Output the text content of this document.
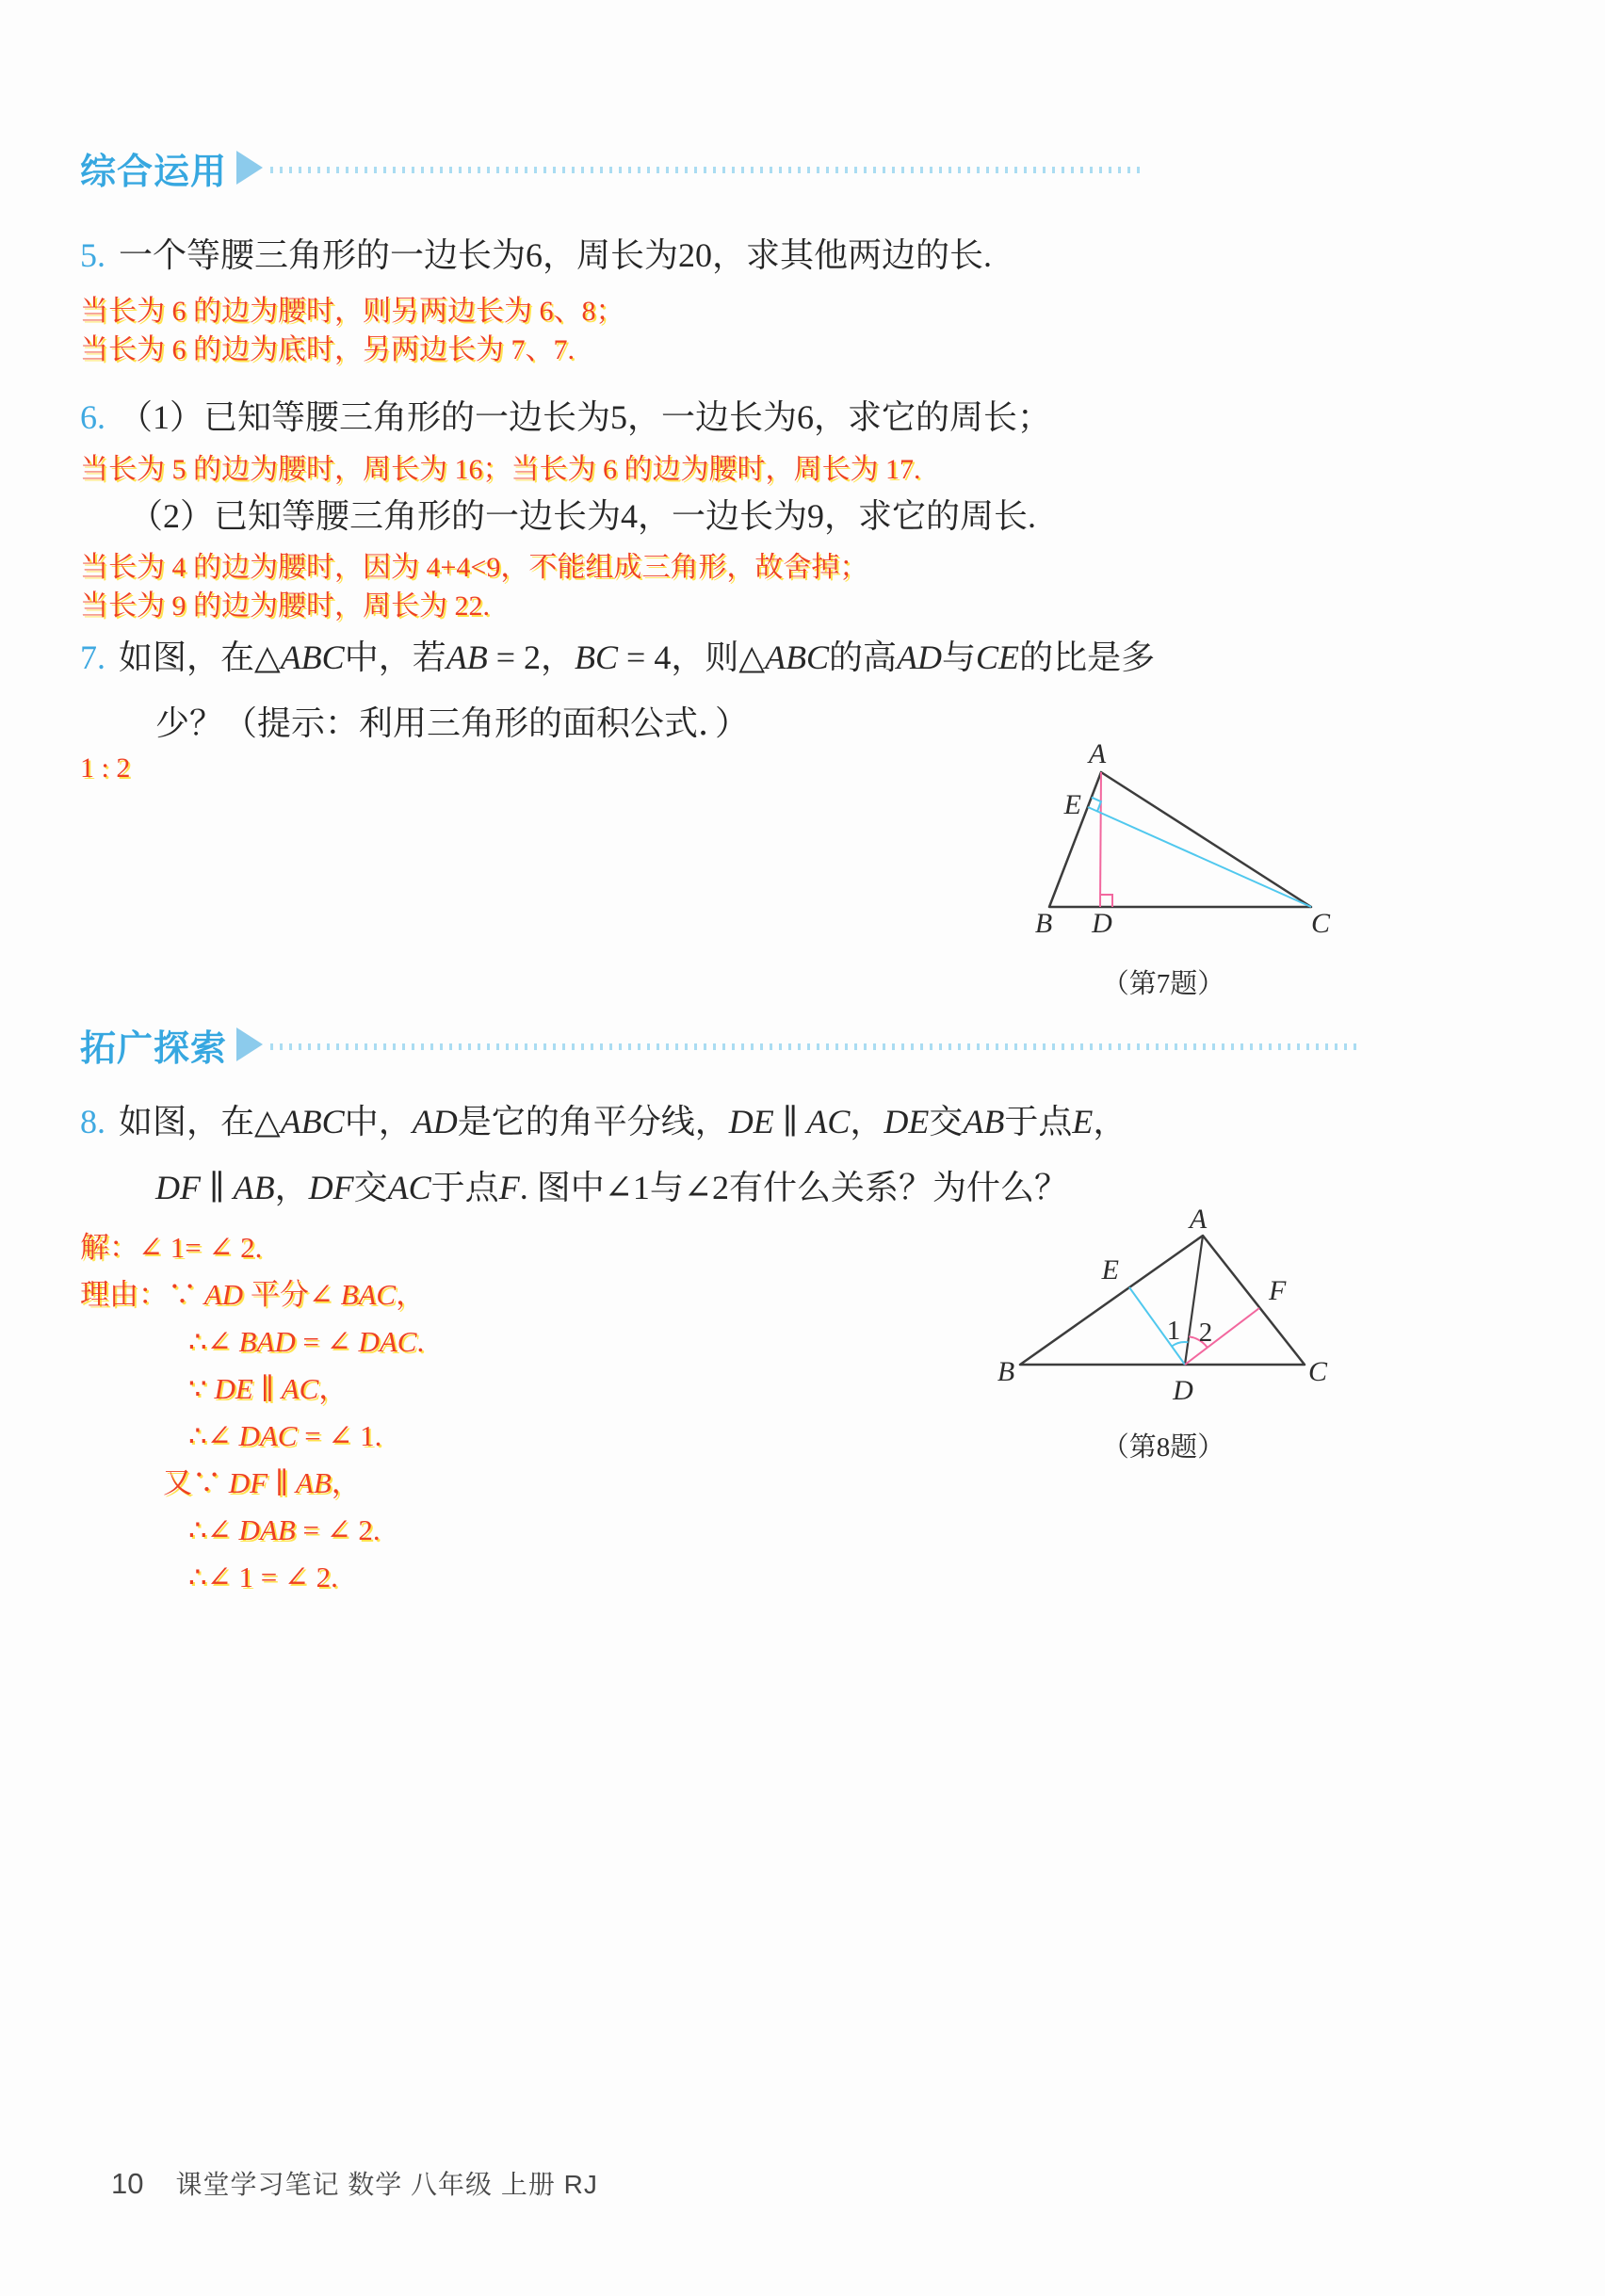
综合运用
5. 一个等腰三角形的一边长为6，周长为20，求其他两边的长.
当长为 6 的边为腰时，则另两边长为 6、8；
当长为 6 的边为底时，另两边长为 7、7.
6. （1）已知等腰三角形的一边长为5，一边长为6，求它的周长；
当长为 5 的边为腰时，周长为 16；当长为 6 的边为腰时，周长为 17.
（2）已知等腰三角形的一边长为4，一边长为9，求它的周长.
当长为 4 的边为腰时，因为 4+4<9，不能组成三角形，故舍掉；
当长为 9 的边为腰时，周长为 22.
7. 如图，在△ABC中，若AB = 2，BC = 4，则△ABC的高AD与CE的比是多
少？（提示：利用三角形的面积公式．）
1 : 2	A
E
B D	C
（第7题）
拓广探索
8. 如图，在△ABC中，AD是它的角平分线，DE ∥ AC，DE交AB于点E，
DF ∥ AB，DF交AC于点F. 图中∠1与∠2有什么关系？为什么？
解：∠ 1= ∠ 2.
理由：∵ AD 平分∠ BAC，
∴∠ BAD = ∠ DAC.
∵ DE ∥ AC，
∴∠ DAC = ∠ 1.
又∵ DF ∥ AB，
∴∠ DAB = ∠ 2.
∴∠ 1 = ∠ 2.
A
E
F
B
D
C
1 2
（第8题）
10 课堂学习笔记 数学 八年级 上册 RJ
